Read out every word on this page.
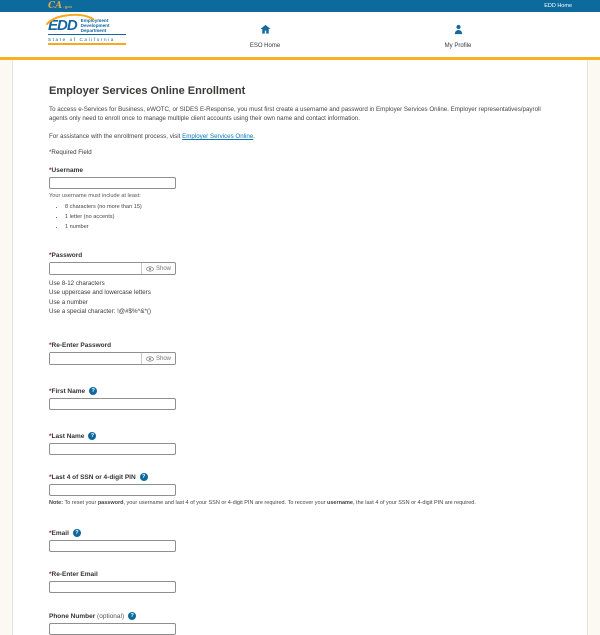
CA .gov	EDD Home
EDD Employment
Development
Department
State of California
ESO Home	My Profile
Employer Services Online Enrollment

To access e-Services for Business, eWOTC, or SIDES E-Response, you must first create a username and password in Employer Services Online. Employer representatives/payroll agents only need to enroll once to manage multiple client accounts using their own name and contact information.

For assistance with the enrollment process, visit Employer Services Online.

*Required Field

*Username
Your username must include at least:
• 8 characters (no more than 15)
• 1 letter (no accents)
• 1 number
*Password
Show
Use 8-12 characters
Use uppercase and lowercase letters
Use a number
Use a special character: !@#$%^&*()
*Re-Enter Password
Show
*First Name	?
*Last Name	?
*Last 4 of SSN or 4-digit PIN	?
Note: To reset your password, your username and last 4 of your SSN or 4-digit PIN are required. To recover your username, the last 4 of your SSN or 4-digit PIN are required.
*Email	?
*Re-Enter Email
Phone Number (optional)	?
